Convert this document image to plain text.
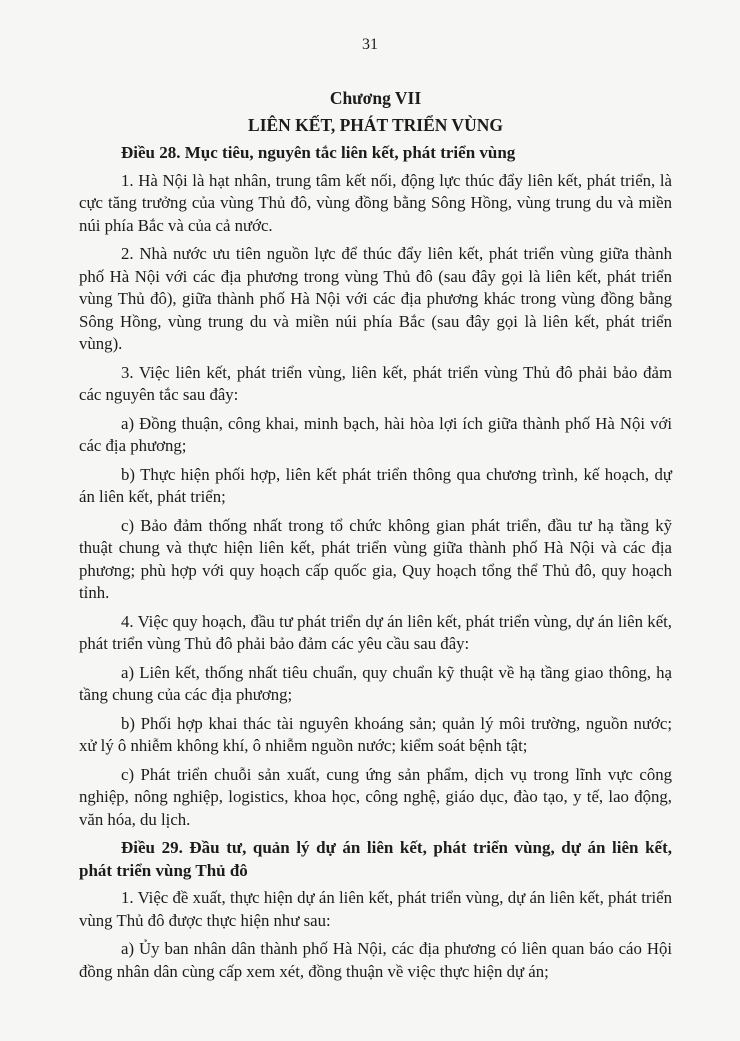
31

Chương VII

LIÊN KẾT, PHÁT TRIỂN VÙNG

Điều 28. Mục tiêu, nguyên tắc liên kết, phát triển vùng

1. Hà Nội là hạt nhân, trung tâm kết nối, động lực thúc đẩy liên kết, phát triển, là cực tăng trưởng của vùng Thủ đô, vùng đồng bằng Sông Hồng, vùng trung du và miền núi phía Bắc và của cả nước.

2. Nhà nước ưu tiên nguồn lực để thúc đẩy liên kết, phát triển vùng giữa thành phố Hà Nội với các địa phương trong vùng Thủ đô (sau đây gọi là liên kết, phát triển vùng Thủ đô), giữa thành phố Hà Nội với các địa phương khác trong vùng đồng bằng Sông Hồng, vùng trung du và miền núi phía Bắc (sau đây gọi là liên kết, phát triển vùng).

3. Việc liên kết, phát triển vùng, liên kết, phát triển vùng Thủ đô phải bảo đảm các nguyên tắc sau đây:

a) Đồng thuận, công khai, minh bạch, hài hòa lợi ích giữa thành phố Hà Nội với các địa phương;

b) Thực hiện phối hợp, liên kết phát triển thông qua chương trình, kế hoạch, dự án liên kết, phát triển;

c) Bảo đảm thống nhất trong tổ chức không gian phát triển, đầu tư hạ tầng kỹ thuật chung và thực hiện liên kết, phát triển vùng giữa thành phố Hà Nội và các địa phương; phù hợp với quy hoạch cấp quốc gia, Quy hoạch tổng thể Thủ đô, quy hoạch tỉnh.

4. Việc quy hoạch, đầu tư phát triển dự án liên kết, phát triển vùng, dự án liên kết, phát triển vùng Thủ đô phải bảo đảm các yêu cầu sau đây:

a) Liên kết, thống nhất tiêu chuẩn, quy chuẩn kỹ thuật về hạ tầng giao thông, hạ tầng chung của các địa phương;

b) Phối hợp khai thác tài nguyên khoáng sản; quản lý môi trường, nguồn nước; xử lý ô nhiễm không khí, ô nhiễm nguồn nước; kiểm soát bệnh tật;

c) Phát triển chuỗi sản xuất, cung ứng sản phẩm, dịch vụ trong lĩnh vực công nghiệp, nông nghiệp, logistics, khoa học, công nghệ, giáo dục, đào tạo, y tế, lao động, văn hóa, du lịch.

Điều 29. Đầu tư, quản lý dự án liên kết, phát triển vùng, dự án liên kết, phát triển vùng Thủ đô

1. Việc đề xuất, thực hiện dự án liên kết, phát triển vùng, dự án liên kết, phát triển vùng Thủ đô được thực hiện như sau:

a) Ủy ban nhân dân thành phố Hà Nội, các địa phương có liên quan báo cáo Hội đồng nhân dân cùng cấp xem xét, đồng thuận về việc thực hiện dự án;
